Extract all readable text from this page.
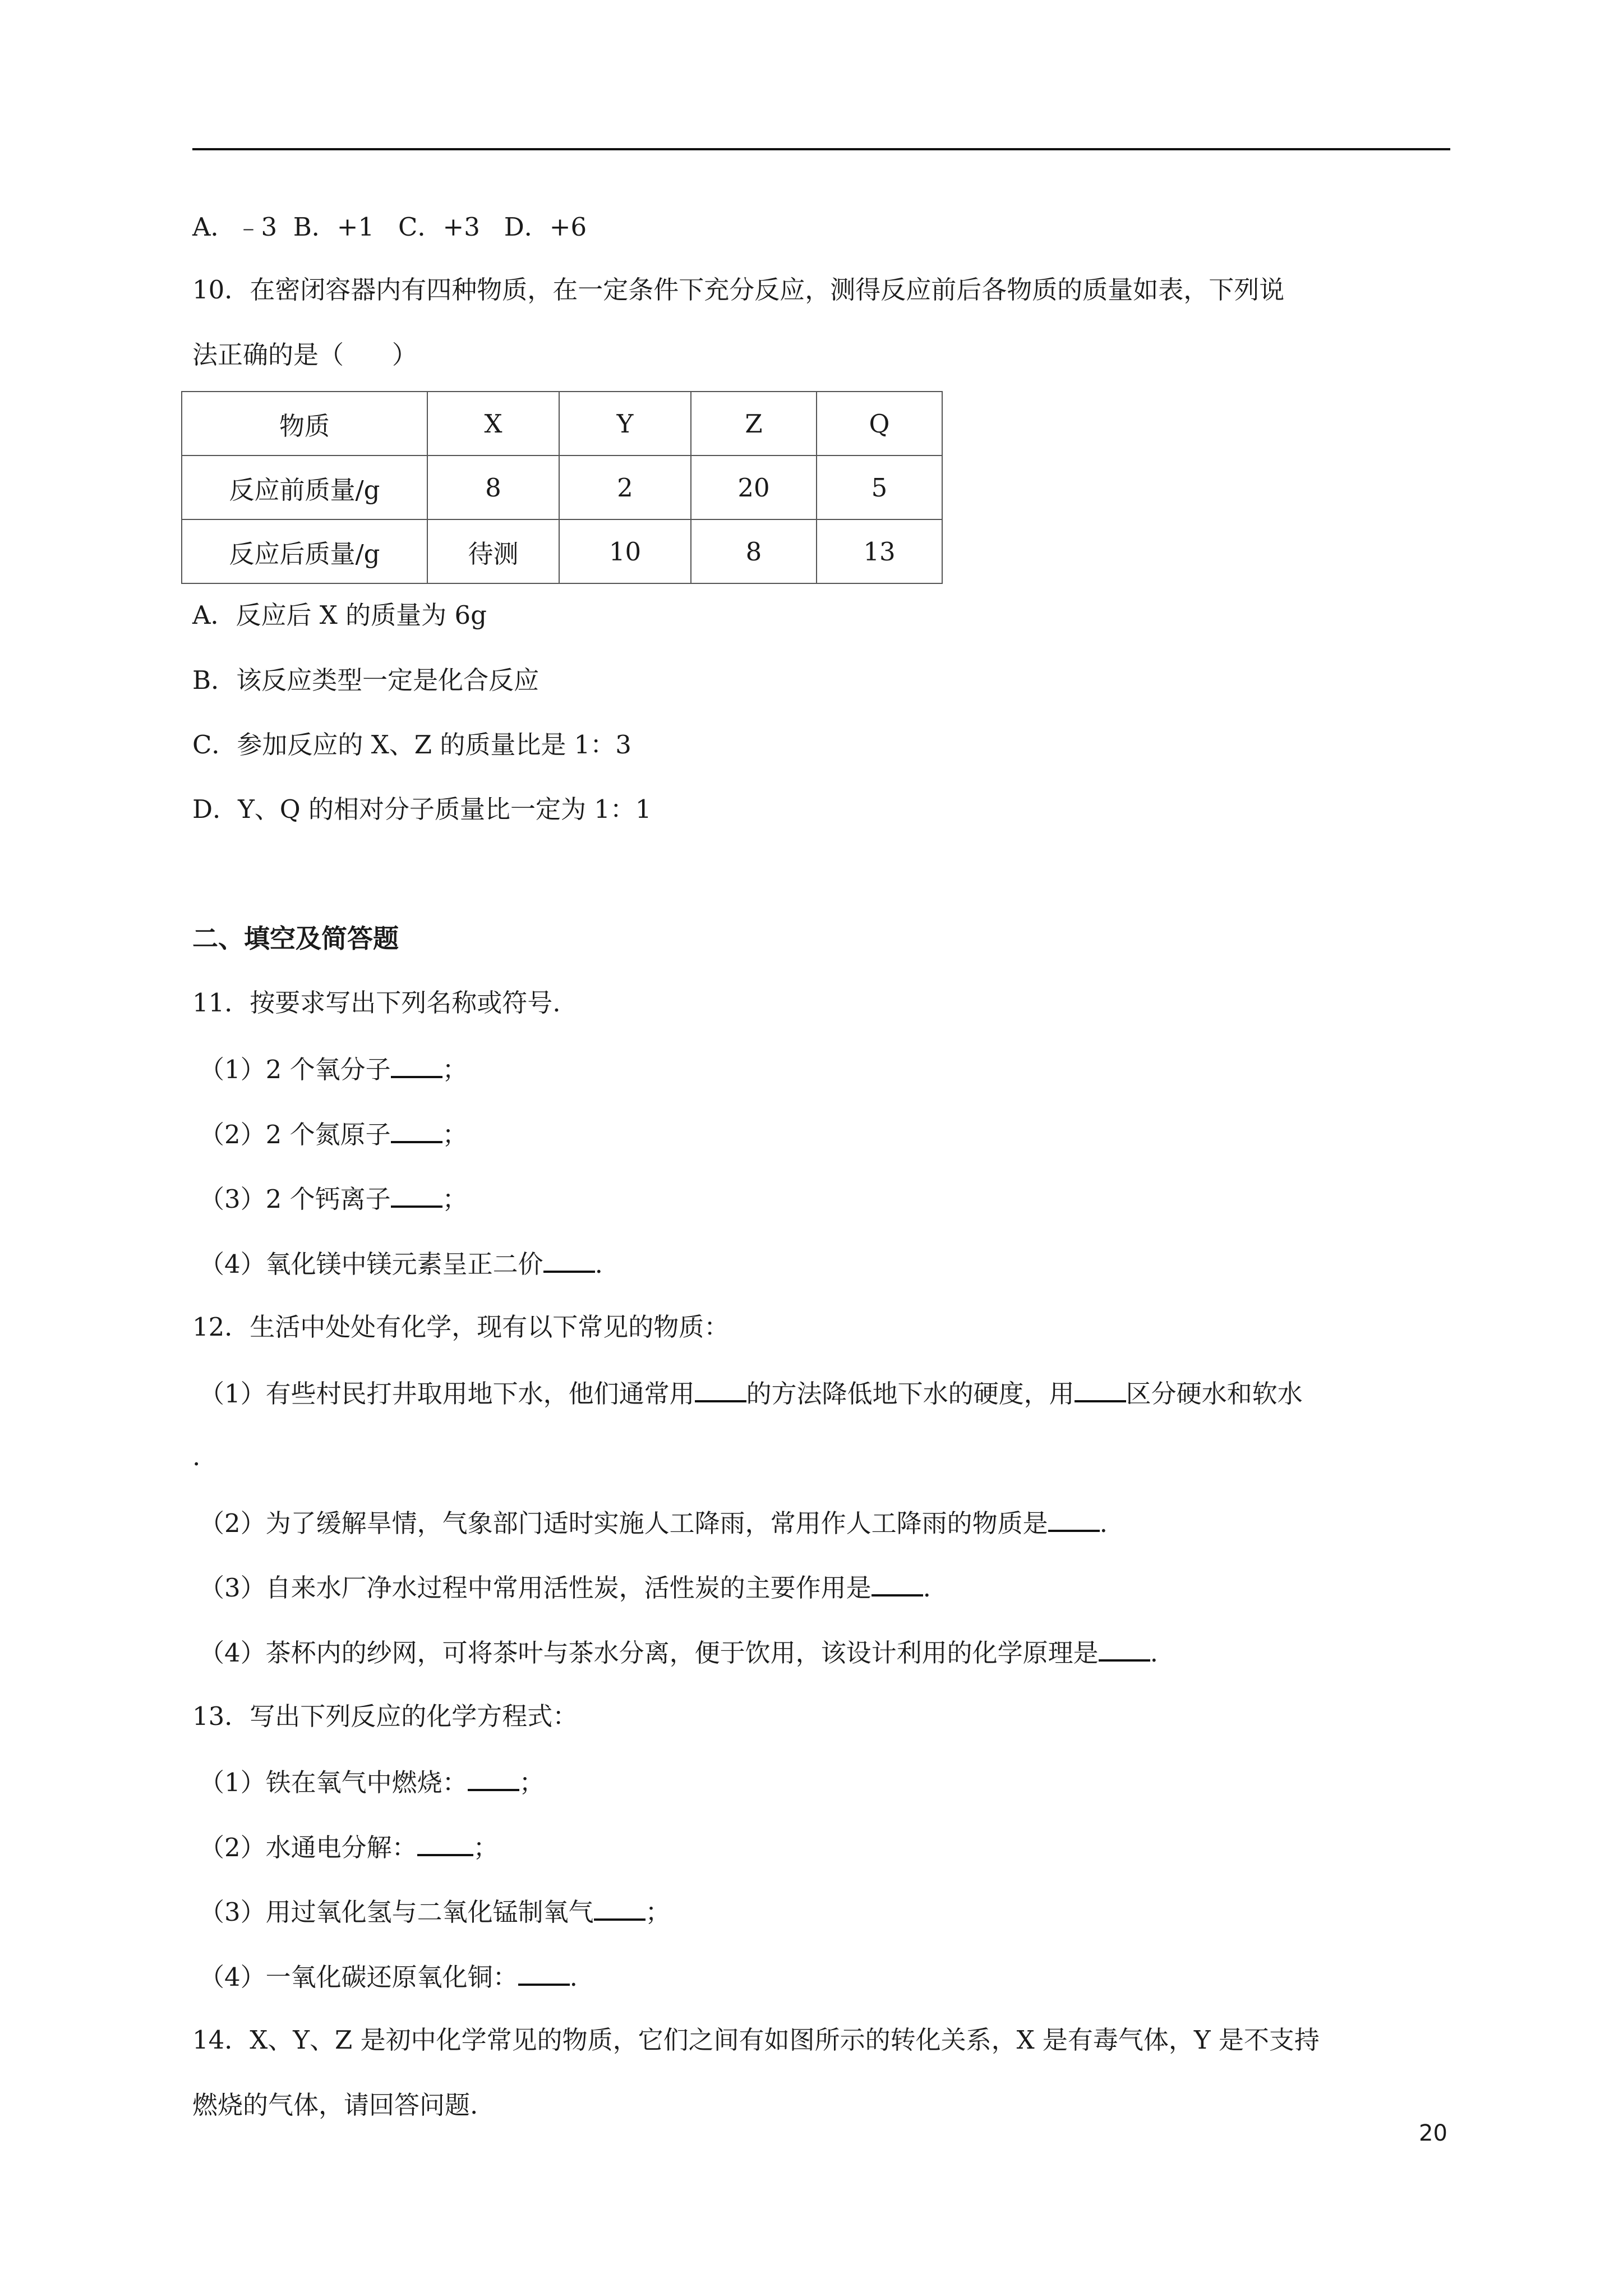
A．﹣3  B．+1   C．+3   D．+6
10．在密闭容器内有四种物质，在一定条件下充分反应，测得反应前后各物质的质量如表，下列说
法正确的是（      ）
物质	X	Y	Z	Q
反应前质量/g	8	2	20	5
反应后质量/g	待测	10	8	13
A．反应后 X 的质量为 6g
B．该反应类型一定是化合反应
C．参加反应的 X、Z 的质量比是 1：3
D．Y、Q 的相对分子质量比一定为 1：1
二、填空及简答题
11．按要求写出下列名称或符号.
（1）2 个氧分子 ；
（2）2 个氮原子 ；
（3）2 个钙离子 ；
（4）氧化镁中镁元素呈正二价 .
12．生活中处处有化学，现有以下常见的物质：
（1）有些村民打井取用地下水，他们通常用 的方法降低地下水的硬度，用 区分硬水和软水
.
（2）为了缓解旱情，气象部门适时实施人工降雨，常用作人工降雨的物质是 .
（3）自来水厂净水过程中常用活性炭，活性炭的主要作用是 .
（4）茶杯内的纱网，可将茶叶与茶水分离，便于饮用，该设计利用的化学原理是 .
13．写出下列反应的化学方程式：
（1）铁在氧气中燃烧： ；
（2）水通电分解： ；
（3）用过氧化氢与二氧化锰制氧气 ；
（4）一氧化碳还原氧化铜： .
14．X、Y、Z 是初中化学常见的物质，它们之间有如图所示的转化关系，X 是有毒气体，Y 是不支持
燃烧的气体，请回答问题.
20
